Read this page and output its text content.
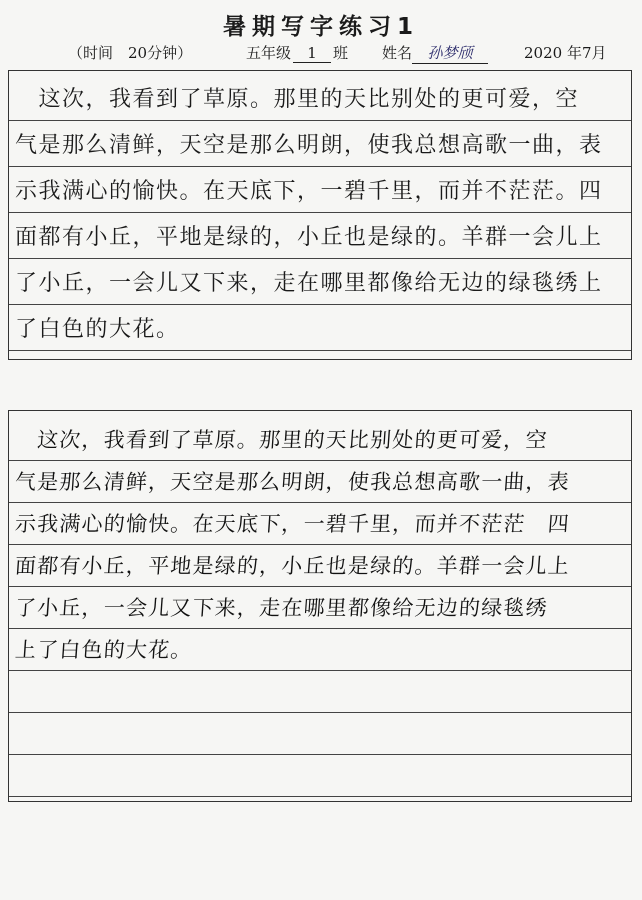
暑期写字练习1
（时间　20分钟）	五年级 1 班 姓名 孙梦颀	2020 年7月
　这次，我看到了草原。那里的天比别处的更可爱，空
气是那么清鲜，天空是那么明朗，使我总想高歌一曲，表
示我满心的愉快。在天底下，一碧千里，而并不茫茫。四
面都有小丘，平地是绿的，小丘也是绿的。羊群一会儿上
了小丘，一会儿又下来，走在哪里都像给无边的绿毯绣上
了白色的大花。
　这次，我看到了草原。那里的天比别处的更可爱，空
气是那么清鲜，天空是那么明朗，使我总想高歌一曲，表
示我满心的愉快。在天底下，一碧千里，而并不茫茫　四
面都有小丘，平地是绿的，小丘也是绿的。羊群一会儿上
了小丘，一会儿又下来，走在哪里都像给无边的绿毯绣
上了白色的大花。
